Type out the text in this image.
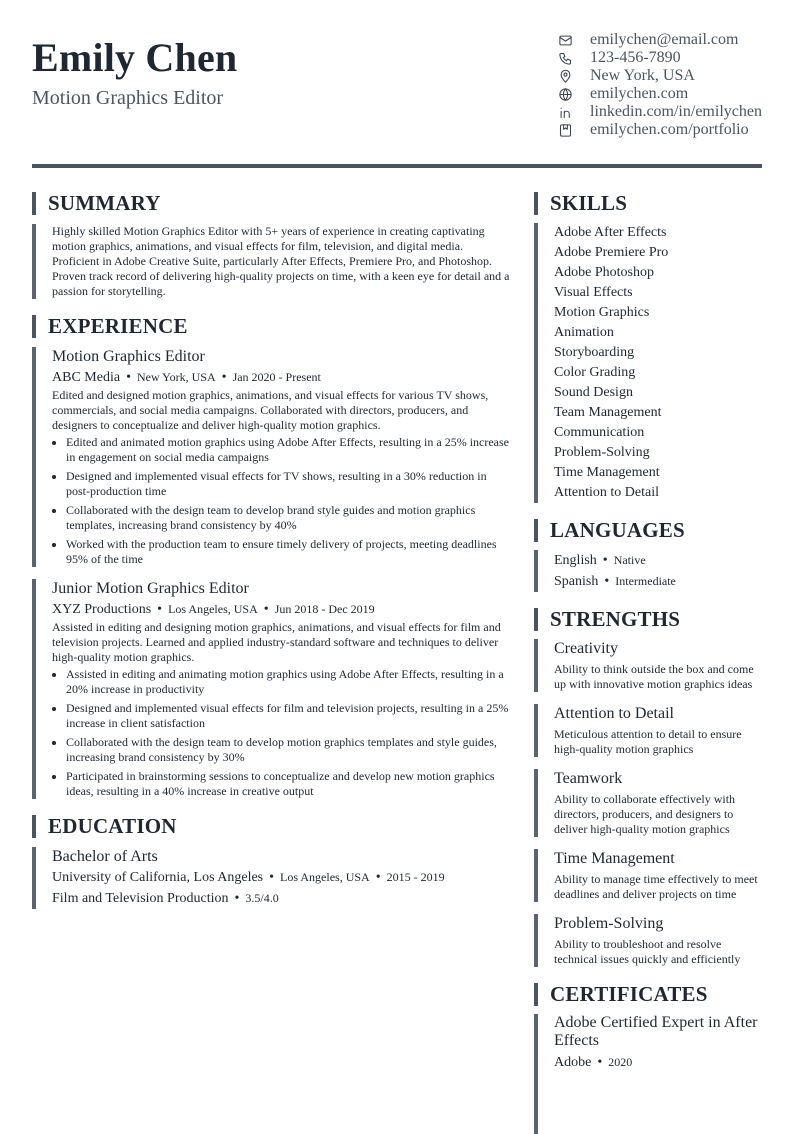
Emily Chen
Motion Graphics Editor
emilychen@email.com
123-456-7890
New York, USA
emilychen.com
linkedin.com/in/emilychen
emilychen.com/portfolio
SUMMARY
Highly skilled Motion Graphics Editor with 5+ years of experience in creating captivating motion graphics, animations, and visual effects for film, television, and digital media. Proficient in Adobe Creative Suite, particularly After Effects, Premiere Pro, and Photoshop. Proven track record of delivering high-quality projects on time, with a keen eye for detail and a passion for storytelling.
EXPERIENCE
Motion Graphics Editor
ABC Media • New York, USA • Jan 2020 - Present
Edited and designed motion graphics, animations, and visual effects for various TV shows, commercials, and social media campaigns. Collaborated with directors, producers, and designers to conceptualize and deliver high-quality motion graphics.
• Edited and animated motion graphics using Adobe After Effects, resulting in a 25% increase in engagement on social media campaigns
• Designed and implemented visual effects for TV shows, resulting in a 30% reduction in post-production time
• Collaborated with the design team to develop brand style guides and motion graphics templates, increasing brand consistency by 40%
• Worked with the production team to ensure timely delivery of projects, meeting deadlines 95% of the time
Junior Motion Graphics Editor
XYZ Productions • Los Angeles, USA • Jun 2018 - Dec 2019
Assisted in editing and designing motion graphics, animations, and visual effects for film and television projects. Learned and applied industry-standard software and techniques to deliver high-quality motion graphics.
• Assisted in editing and animating motion graphics using Adobe After Effects, resulting in a 20% increase in productivity
• Designed and implemented visual effects for film and television projects, resulting in a 25% increase in client satisfaction
• Collaborated with the design team to develop motion graphics templates and style guides, increasing brand consistency by 30%
• Participated in brainstorming sessions to conceptualize and develop new motion graphics ideas, resulting in a 40% increase in creative output
EDUCATION
Bachelor of Arts
University of California, Los Angeles • Los Angeles, USA • 2015 - 2019
Film and Television Production • 3.5/4.0
SKILLS
Adobe After Effects
Adobe Premiere Pro
Adobe Photoshop
Visual Effects
Motion Graphics
Animation
Storyboarding
Color Grading
Sound Design
Team Management
Communication
Problem-Solving
Time Management
Attention to Detail
LANGUAGES
English • Native
Spanish • Intermediate
STRENGTHS
Creativity
Ability to think outside the box and come up with innovative motion graphics ideas
Attention to Detail
Meticulous attention to detail to ensure high-quality motion graphics
Teamwork
Ability to collaborate effectively with directors, producers, and designers to deliver high-quality motion graphics
Time Management
Ability to manage time effectively to meet deadlines and deliver projects on time
Problem-Solving
Ability to troubleshoot and resolve technical issues quickly and efficiently
CERTIFICATES
Adobe Certified Expert in After Effects
Adobe • 2020
